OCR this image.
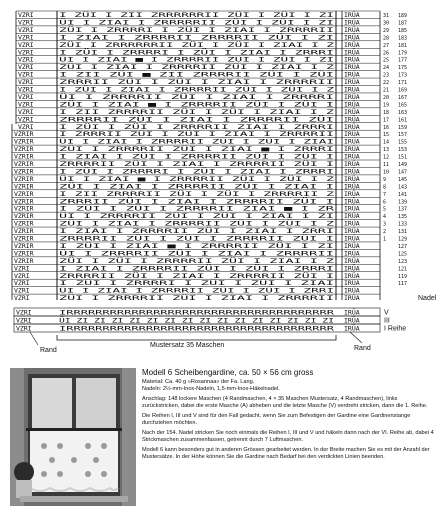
VZRI	I ZÜI I ZII ZRRRRRRII ZÜI I ZÜI I ZI	IRÜA	31 189
VZRI	ÜI I ZIAI I ZRRRRRII ZÜI I ZÜI I ZI	IRÜA	30 187
VZRI	ZÜI I ZRRRRI I ZÜI I ZIAI I ZRRRRII	IRÜA	29 185
VZRI	I ZIAI I ZRRRRII ZRRRRII ZÜI I ZI	IRÜA	28 183
VZRI	ZÜI I ZRRRRRRII ZÜI I ZÜI I ZIAI I Z	IRÜA	27 181
VZRI	I ZÜI I ZRRRRI I ZÜI I ZIAI I ZRRRI	IRÜA	26 179
VZRI	ÜI I ZIAI ■ I ZRRRRII ZÜI I ZÜI I ZI	IRÜA	25 177
VZRI	ZÜI I ZIAI I ZRRRRII ZÜI I ZIAI I Z	IRÜA	24 175
VZRI	I ZII ZÜI ■ ZII ZRRRRII ZÜI I ZÜI	IRÜA	23 173
VZRI	ZRRRII ZÜI I ZÜI I ZIAI I ZRRRRII	IRÜA	22 171
VZRI	I ZÜI I ZIAI I ZRRRRII ZÜI I ZÜI I Z	IRÜA	21 169
VZRI	ÜI I ZRRRRII ZÜI I ZIAI I ZRRRRI	IRÜA	20 167
VZRI	ZÜI I ZIAI ■ I ZRRRRII ZÜI I ZÜI I	IRÜA	19 165
VZRI	I ZII ZRRRRII ZÜI I ZÜI I ZIAI I Z	IRÜA	18 163
VZRI	ZRRRRII ZÜI I ZIAI I ZRRRRII ZÜI	IRÜA	17 161
VZRI	I ZÜI I ZÜI I ZRRRRII ZIAI I ZRRRI	IRÜA	16 159
VZRIR	I ZRRRII ZÜI I ZÜI I ZIAI I ZRRRRII	IRÜA	15 157
VZRIR	ÜI I ZIAI I ZRRRRII ZÜI I ZÜI I ZIAI	IRÜA	14 155
VZRIR	ZÜI I ZRRRRII ZÜI I ZIAI ■ I ZRRRI	IRÜA	13 153
VZRIR	I ZIAI I ZÜI I ZRRRRII ZÜI I ZÜI I	IRÜA	12 151
VZRIR	ZRRRRII ZÜI I ZIAI I ZRRRRII ZÜI I	IRÜA	11 149
VZRIR	I ZÜI I ZRRRRI I ZÜI I ZIAI I ZRRRI	IRÜA	10 147
VZRIR	ÜI I ZIAI ■ I ZRRRRII ZÜI I ZÜI I Z	IRÜA	9 145
VZRIR	ZÜI I ZIAI I ZRRRRII ZÜI I ZIAI I	IRÜA	8 143
VZRIR	I ZII ZRRRRII ZÜI I ZÜI I ZRRRRII Z	IRÜA	7 141
VZRIR	ZRRRII ZÜI I ZIAI I ZRRRRII ZÜI I	IRÜA	6 139
VZRIR	I ZÜI I ZÜI I ZRRRRII ZIAI ■ I ZR	IRÜA	5 137
VZRIR	ÜI I ZRRRRII ZÜI I ZÜI I ZIAI I ZI	IRÜA	4 135
VZRIR	ZÜI I ZIAI I ZRRRRII ZÜI I ZÜI I Z	IRÜA	3 133
VZRIR	I ZIAI I ZRRRRII ZÜI I ZIAI I ZRRI	IRÜA	2 131
VZRIR	ZRRRRII ZÜI I ZÜI I ZRRRRII ZÜI I	IRÜA	1 129
VZRIR	I ZÜI I ZIAI ■ I ZRRRRII ZÜI I ZI	IRÜA	127
VZRIR	ÜI I ZRRRRII ZÜI I ZIAI I ZRRRRII	IRÜA	125
VZRIR	ZÜI I ZÜI I ZRRRRII ZÜI I ZIAI I Z	IRÜA	123
VZRI	I ZIAI I ZRRRRII ZÜI I ZÜI I ZRRRI	IRÜA	121
VZRI	ZRRRRII ZÜI I ZIAI I ZRRRRII ZÜI I	IRÜA	119
VZRI	I ZÜI I ZRRRRI I ZÜI I ZÜI I ZIAI	IRÜA	117
VZRI	ÜI I ZIAI I ZRRRRII ZÜI I ZÜI I ZRRI	IRÜA
VZRI	ZÜI I ZRRRRII ZÜI I ZIAI I ZRRRRII	IRÜA
VZRI	IRRRRRRRRRRRRRRRRRRRRRRRRRRRRRRRRRRRRR IRÜA	V
VZRI	ÜI ZI ZI ZI ZI ZI ZI ZI ZI ZI ZI ZI ZI ZI ZI ZI	IRÜA	III
VZRI	IRRRRRRRRRRRRRRRRRRRRRRRRRRRRRRRRRRRRR IRÜA	I Reihe
Nadel
Mustersatz 35 Maschen
Rand	Rand
Modell 6 Scheibengardine, ca. 50 × 56 cm gross

Material: Ca. 40 g »Rosannaa« der Fa. Lang.

Nadeln: 2½-mm-Inox-Nadeln, 1,5-mm-Inox-Häkelnadel.

Anschlag: 148 lockere Maschen (4 Randmaschen, 4 × 35 Maschen Mustersatz, 4 Randmaschen), links zurückstricken, dabei die erste Masche (A) abheben und die letzte Masche (V) verdreht stricken, dann die 1. Reihe.

Die Reihen I, III und V sind für den Fall gedacht, wenn Sie zum Befestigen der Gardine eine Gardinenstange durchziehen möchten.

Nach der 154. Nadel stricken Sie noch einmals die Reihen I, III und V und häkeln dann nach der VI. Reihe ab, dabei 4 Strickmaschen zusammenfassen, getrennt durch 7 Luftmaschen.

Modell 6 kann besonders gut in anderen Grössen gearbeitet werden. In der Breite machen Sie es mit der Anzahl der Mustersätze. In der Höhe können Sie die Gardine nach Bedarf bei den verdickten Linien beenden.
